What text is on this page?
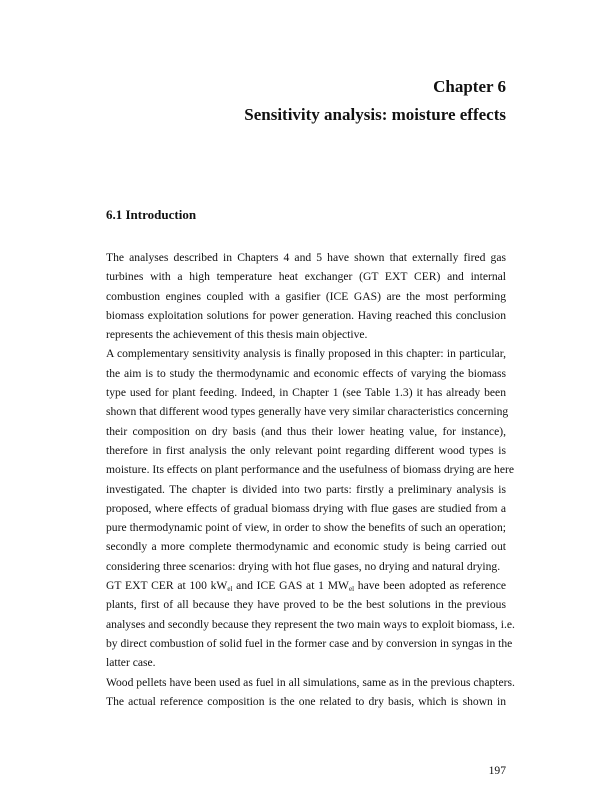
Chapter 6
Sensitivity analysis: moisture effects
6.1 Introduction
The analyses described in Chapters 4 and 5 have shown that externally fired gas
turbines with a high temperature heat exchanger (GT EXT CER) and internal
combustion engines coupled with a gasifier (ICE GAS) are the most performing
biomass exploitation solutions for power generation. Having reached this conclusion
represents the achievement of this thesis main objective.
A complementary sensitivity analysis is finally proposed in this chapter: in particular,
the aim is to study the thermodynamic and economic effects of varying the biomass
type used for plant feeding. Indeed, in Chapter 1 (see Table 1.3) it has already been
shown that different wood types generally have very similar characteristics concerning
their composition on dry basis (and thus their lower heating value, for instance),
therefore in first analysis the only relevant point regarding different wood types is
moisture. Its effects on plant performance and the usefulness of biomass drying are here
investigated. The chapter is divided into two parts: firstly a preliminary analysis is
proposed, where effects of gradual biomass drying with flue gases are studied from a
pure thermodynamic point of view, in order to show the benefits of such an operation;
secondly a more complete thermodynamic and economic study is being carried out
considering three scenarios: drying with hot flue gases, no drying and natural drying.
GT EXT CER at 100 $kW_{el}$ and ICE GAS at 1 $MW_{el}$ have been adopted as reference
plants, first of all because they have proved to be the best solutions in the previous
analyses and secondly because they represent the two main ways to exploit biomass, i.e.
by direct combustion of solid fuel in the former case and by conversion in syngas in the
latter case.
Wood pellets have been used as fuel in all simulations, same as in the previous chapters.
The actual reference composition is the one related to dry basis, which is shown in
197
